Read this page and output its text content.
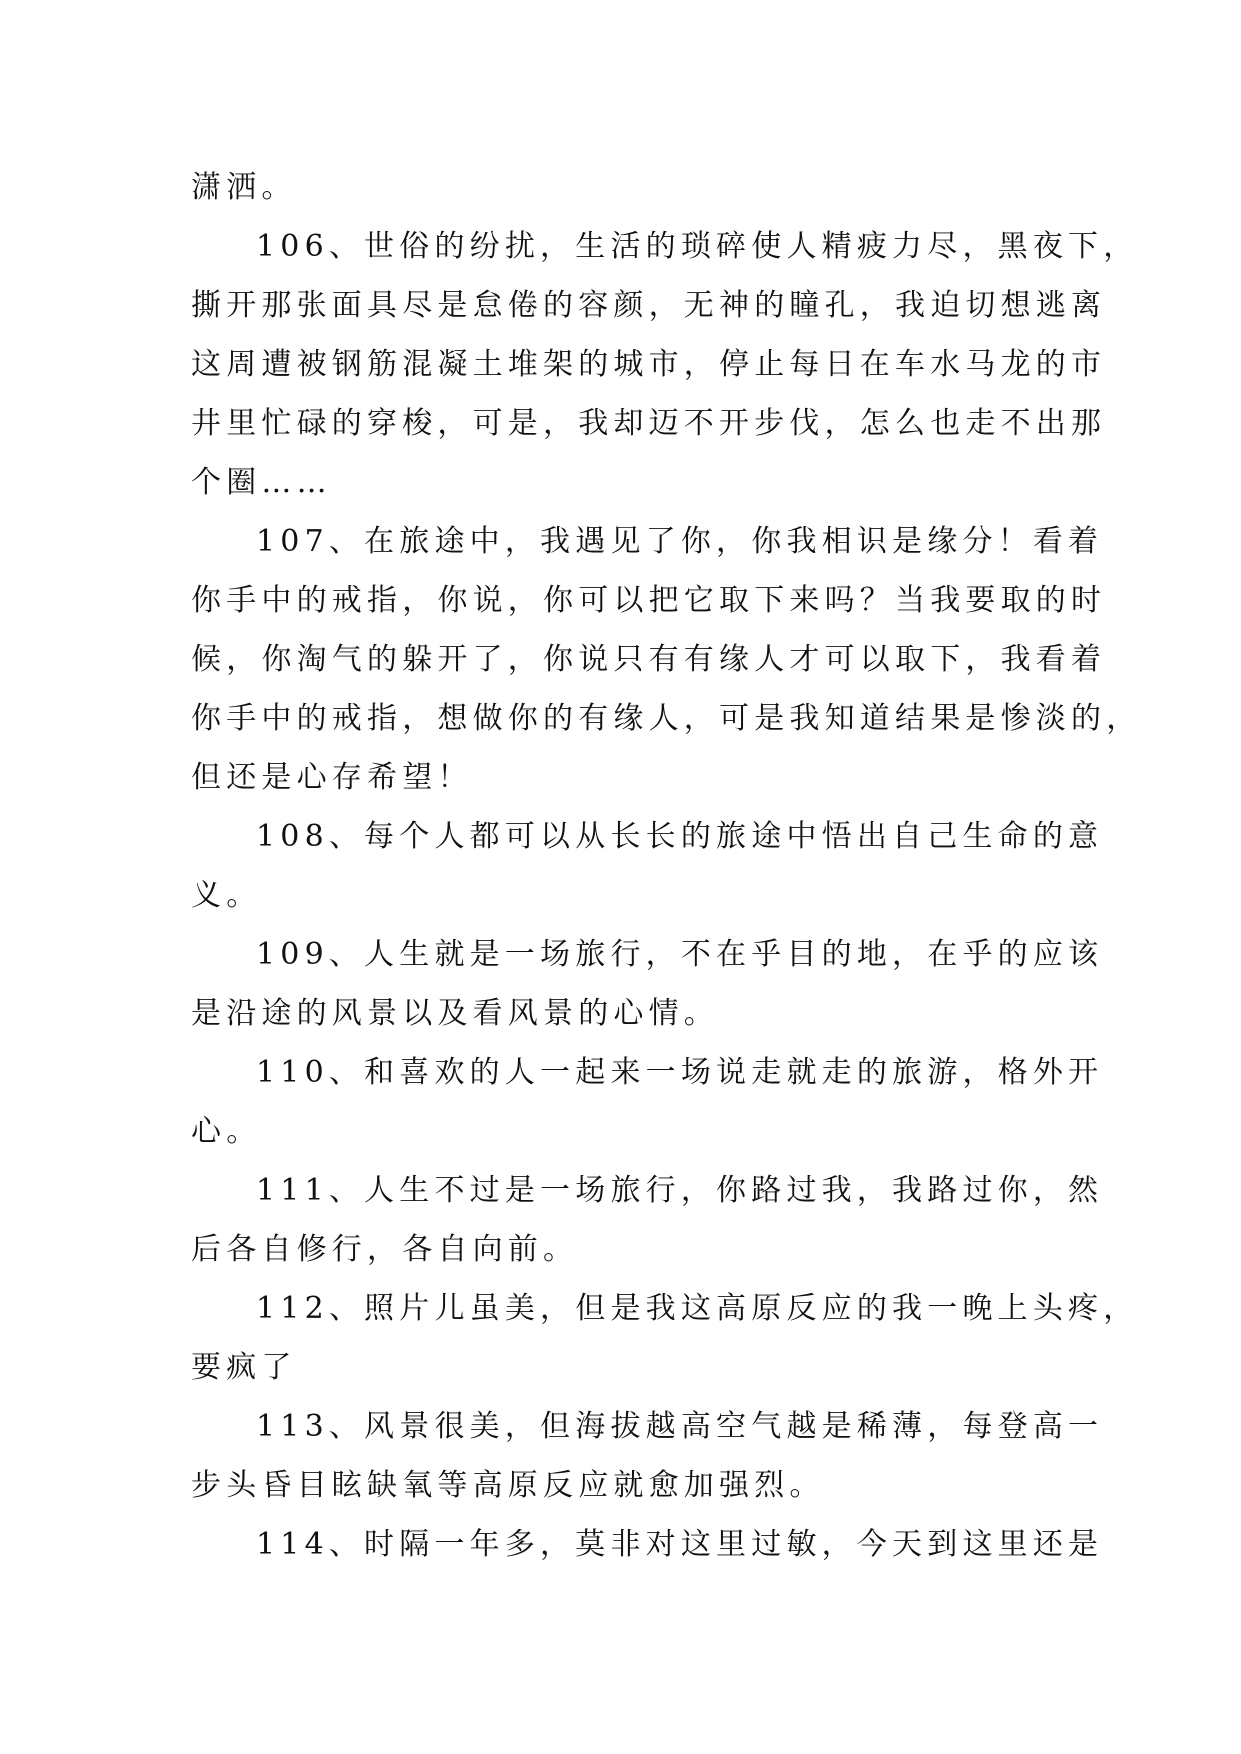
潇洒。

106、世俗的纷扰，生活的琐碎使人精疲力尽，黑夜下，

撕开那张面具尽是怠倦的容颜，无神的瞳孔，我迫切想逃离

这周遭被钢筋混凝土堆架的城市，停止每日在车水马龙的市

井里忙碌的穿梭，可是，我却迈不开步伐，怎么也走不出那

个圈……

107、在旅途中，我遇见了你，你我相识是缘分！看着

你手中的戒指，你说，你可以把它取下来吗？当我要取的时

候，你淘气的躲开了，你说只有有缘人才可以取下，我看着

你手中的戒指，想做你的有缘人，可是我知道结果是惨淡的，

但还是心存希望！

108、每个人都可以从长长的旅途中悟出自己生命的意

义。

109、人生就是一场旅行，不在乎目的地，在乎的应该

是沿途的风景以及看风景的心情。

110、和喜欢的人一起来一场说走就走的旅游，格外开

心。

111、人生不过是一场旅行，你路过我，我路过你，然

后各自修行，各自向前。

112、照片儿虽美，但是我这高原反应的我一晚上头疼，

要疯了

113、风景很美，但海拔越高空气越是稀薄，每登高一

步头昏目眩缺氧等高原反应就愈加强烈。

114、时隔一年多，莫非对这里过敏，今天到这里还是
